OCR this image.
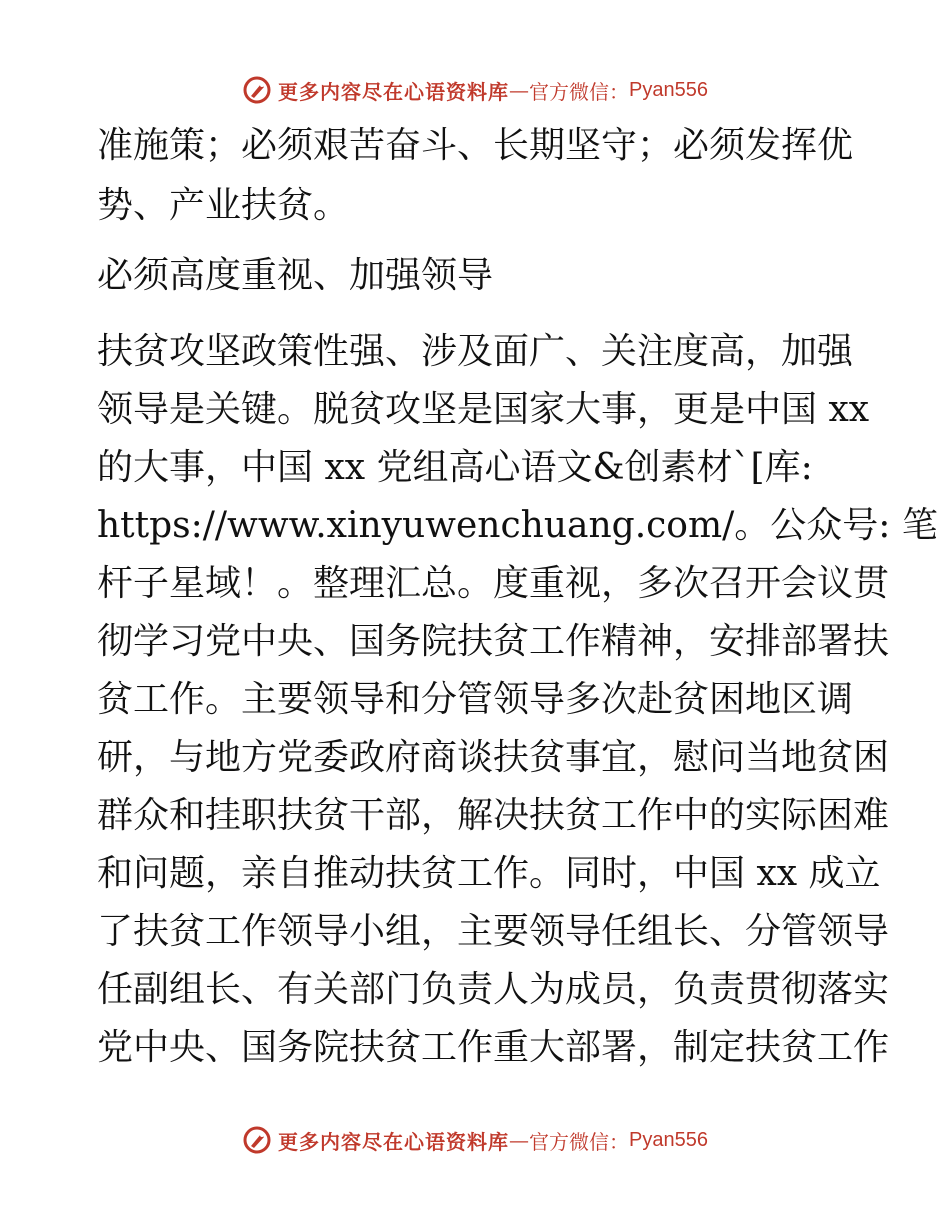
更多内容尽在心语资料库 — 官方微信： Pyan556
准施策；必须艰苦奋斗、长期坚守；必须发挥优
势、产业扶贫。
必须高度重视、加强领导
扶贫攻坚政策性强、涉及面广、关注度高，加强
领导是关键。脱贫攻坚是国家大事，更是中国 xx
的大事，中国 xx 党组高心语文&创素材`[库:
https://www.xinyuwenchuang.com/。公众号: 笔
杆子星域！。整理汇总。度重视，多次召开会议贯
彻学习党中央、国务院扶贫工作精神，安排部署扶
贫工作。主要领导和分管领导多次赴贫困地区调
研，与地方党委政府商谈扶贫事宜，慰问当地贫困
群众和挂职扶贫干部，解决扶贫工作中的实际困难
和问题，亲自推动扶贫工作。同时，中国 xx 成立
了扶贫工作领导小组，主要领导任组长、分管领导
任副组长、有关部门负责人为成员，负责贯彻落实
党中央、国务院扶贫工作重大部署，制定扶贫工作
更多内容尽在心语资料库 — 官方微信： Pyan556
